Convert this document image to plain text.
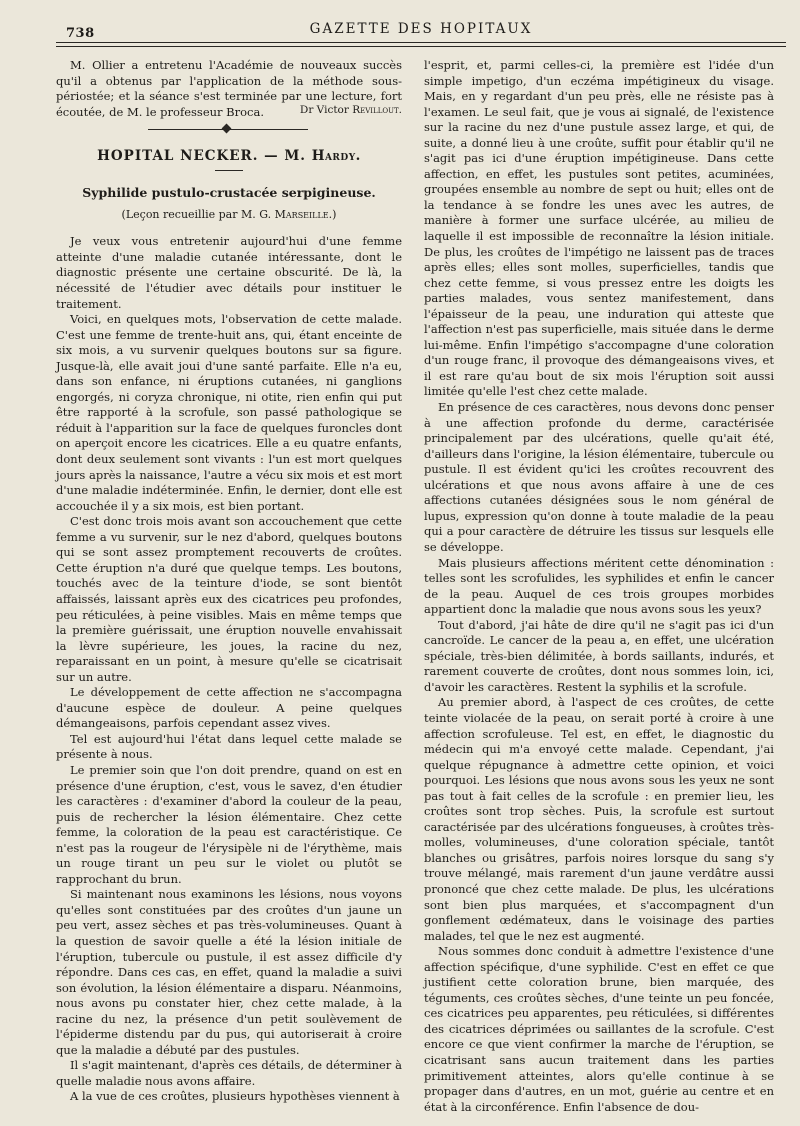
738	GAZETTE DES HOPITAUX

M. Ollier a entretenu l'Académie de nouveaux succès qu'il a obtenus par l'application de la méthode sous-périostée; et la séance s'est terminée par une lecture, fort écoutée, de M. le professeur Broca.	Dr Victor Revillout.
HOPITAL NECKER. — M. Hardy.
Syphilide pustulo-crustacée serpigineuse.
(Leçon recueillie par M. G. Marseille.)

Je veux vous entretenir aujourd'hui d'une femme atteinte d'une maladie cutanée intéressante, dont le diagnostic présente une certaine obscurité. De là, la nécessité de l'étudier avec détails pour instituer le traitement.

Voici, en quelques mots, l'observation de cette malade. C'est une femme de trente-huit ans, qui, étant enceinte de six mois, a vu survenir quelques boutons sur sa figure. Jusque-là, elle avait joui d'une santé parfaite. Elle n'a eu, dans son enfance, ni éruptions cutanées, ni ganglions engorgés, ni coryza chronique, ni otite, rien enfin qui put être rapporté à la scrofule, son passé pathologique se réduit à l'apparition sur la face de quelques furoncles dont on aperçoit encore les cicatrices. Elle a eu quatre enfants, dont deux seulement sont vivants : l'un est mort quelques jours après la naissance, l'autre a vécu six mois et est mort d'une maladie indéterminée. Enfin, le dernier, dont elle est accouchée il y a six mois, est bien portant.

C'est donc trois mois avant son accouchement que cette femme a vu survenir, sur le nez d'abord, quelques boutons qui se sont assez promptement recouverts de croûtes. Cette éruption n'a duré que quelque temps. Les boutons, touchés avec de la teinture d'iode, se sont bientôt affaissés, laissant après eux des cicatrices peu profondes, peu réticulées, à peine visibles. Mais en même temps que la première guérissait, une éruption nouvelle envahissait la lèvre supérieure, les joues, la racine du nez, reparaissant en un point, à mesure qu'elle se cicatrisait sur un autre.

Le développement de cette affection ne s'accompagna d'aucune espèce de douleur. A peine quelques démangeaisons, parfois cependant assez vives.

Tel est aujourd'hui l'état dans lequel cette malade se présente à nous.

Le premier soin que l'on doit prendre, quand on est en présence d'une éruption, c'est, vous le savez, d'en étudier les caractères : d'examiner d'abord la couleur de la peau, puis de rechercher la lésion élémentaire. Chez cette femme, la coloration de la peau est caractéristique. Ce n'est pas la rougeur de l'érysipèle ni de l'érythème, mais un rouge tirant un peu sur le violet ou plutôt se rapprochant du brun.

Si maintenant nous examinons les lésions, nous voyons qu'elles sont constituées par des croûtes d'un jaune un peu vert, assez sèches et pas très-volumineuses. Quant à la question de savoir quelle a été la lésion initiale de l'éruption, tubercule ou pustule, il est assez difficile d'y répondre. Dans ces cas, en effet, quand la maladie a suivi son évolution, la lésion élémentaire a disparu. Néanmoins, nous avons pu constater hier, chez cette malade, à la racine du nez, la présence d'un petit soulèvement de l'épiderme distendu par du pus, qui autoriserait à croire que la maladie a débuté par des pustules.

Il s'agit maintenant, d'après ces détails, de déterminer à quelle maladie nous avons affaire.

A la vue de ces croûtes, plusieurs hypothèses viennent à

l'esprit, et, parmi celles-ci, la première est l'idée d'un simple impetigo, d'un eczéma impétigineux du visage. Mais, en y regardant d'un peu près, elle ne résiste pas à l'examen. Le seul fait, que je vous ai signalé, de l'existence sur la racine du nez d'une pustule assez large, et qui, de suite, a donné lieu à une croûte, suffit pour établir qu'il ne s'agit pas ici d'une éruption impétigineuse. Dans cette affection, en effet, les pustules sont petites, acuminées, groupées ensemble au nombre de sept ou huit; elles ont de la tendance à se fondre les unes avec les autres, de manière à former une surface ulcérée, au milieu de laquelle il est impossible de reconnaître la lésion initiale. De plus, les croûtes de l'impétigo ne laissent pas de traces après elles; elles sont molles, superficielles, tandis que chez cette femme, si vous pressez entre les doigts les parties malades, vous sentez manifestement, dans l'épaisseur de la peau, une induration qui atteste que l'affection n'est pas superficielle, mais située dans le derme lui-même. Enfin l'impétigo s'accompagne d'une coloration d'un rouge franc, il provoque des démangeaisons vives, et il est rare qu'au bout de six mois l'éruption soit aussi limitée qu'elle l'est chez cette malade.

En présence de ces caractères, nous devons donc penser à une affection profonde du derme, caractérisée principalement par des ulcérations, quelle qu'ait été, d'ailleurs dans l'origine, la lésion élémentaire, tubercule ou pustule. Il est évident qu'ici les croûtes recouvrent des ulcérations et que nous avons affaire à une de ces affections cutanées désignées sous le nom général de lupus, expression qu'on donne à toute maladie de la peau qui a pour caractère de détruire les tissus sur lesquels elle se développe.

Mais plusieurs affections méritent cette dénomination : telles sont les scrofulides, les syphilides et enfin le cancer de la peau. Auquel de ces trois groupes morbides appartient donc la maladie que nous avons sous les yeux?

Tout d'abord, j'ai hâte de dire qu'il ne s'agit pas ici d'un cancroïde. Le cancer de la peau a, en effet, une ulcération spéciale, très-bien délimitée, à bords saillants, indurés, et rarement couverte de croûtes, dont nous sommes loin, ici, d'avoir les caractères. Restent la syphilis et la scrofule.

Au premier abord, à l'aspect de ces croûtes, de cette teinte violacée de la peau, on serait porté à croire à une affection scrofuleuse. Tel est, en effet, le diagnostic du médecin qui m'a envoyé cette malade. Cependant, j'ai quelque répugnance à admettre cette opinion, et voici pourquoi. Les lésions que nous avons sous les yeux ne sont pas tout à fait celles de la scrofule : en premier lieu, les croûtes sont trop sèches. Puis, la scrofule est surtout caractérisée par des ulcérations fongueuses, à croûtes très-molles, volumineuses, d'une coloration spéciale, tantôt blanches ou grisâtres, parfois noires lorsque du sang s'y trouve mélangé, mais rarement d'un jaune verdâtre aussi prononcé que chez cette malade. De plus, les ulcérations sont bien plus marquées, et s'accompagnent d'un gonflement œdémateux, dans le voisinage des parties malades, tel que le nez est augmenté.

Nous sommes donc conduit à admettre l'existence d'une affection spécifique, d'une syphilide. C'est en effet ce que justifient cette coloration brune, bien marquée, des téguments, ces croûtes sèches, d'une teinte un peu foncée, ces cicatrices peu apparentes, peu réticulées, si différentes des cicatrices déprimées ou saillantes de la scrofule. C'est encore ce que vient confirmer la marche de l'éruption, se cicatrisant sans aucun traitement dans les parties primitivement atteintes, alors qu'elle continue à se propager dans d'autres, en un mot, guérie au centre et en état à la circonférence. Enfin l'absence de dou-
